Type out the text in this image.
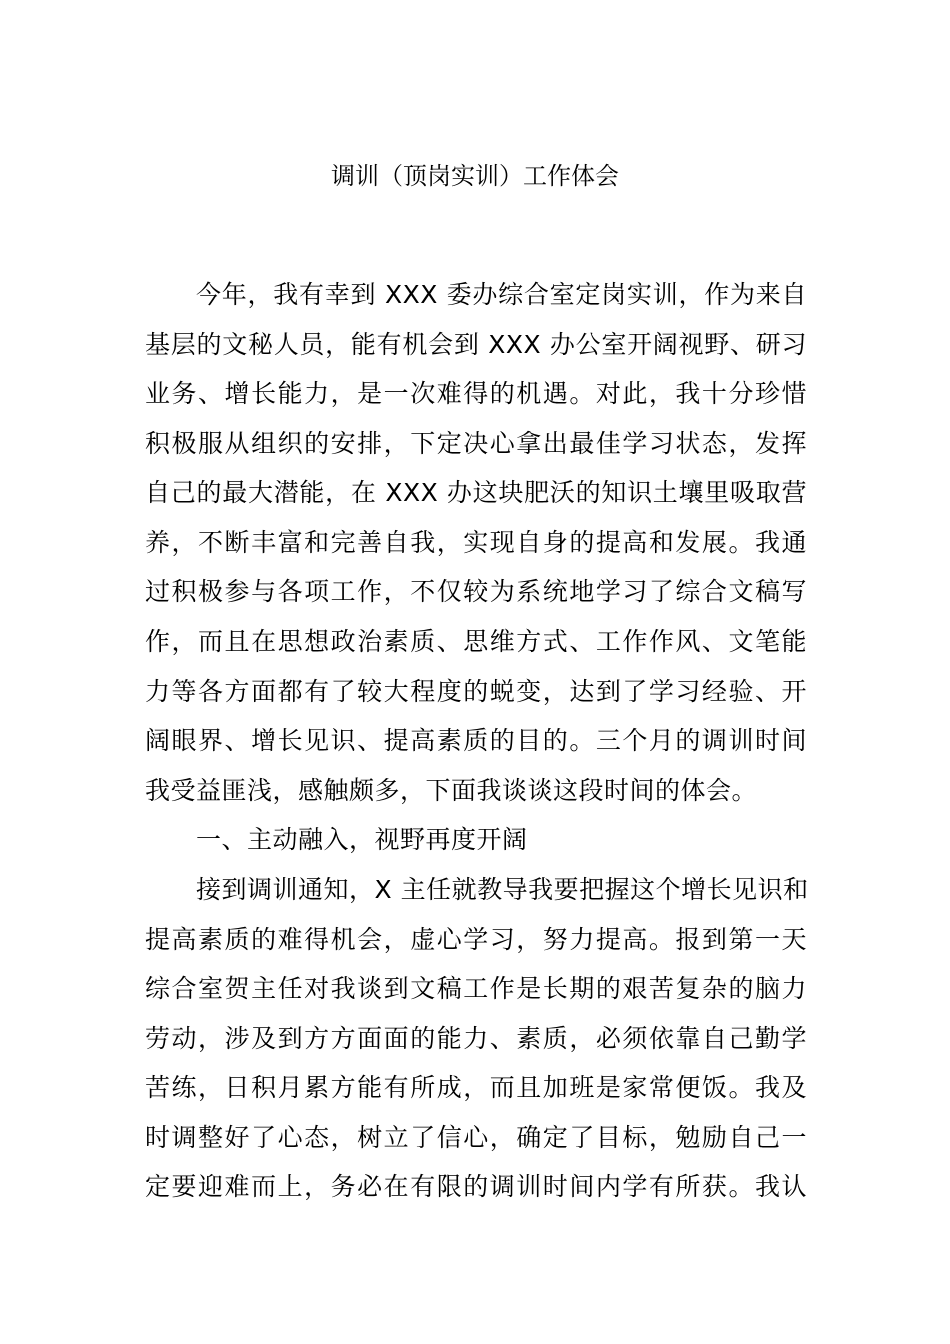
调训（顶岗实训）工作体会
今年，我有幸到 XXX 委办综合室定岗实训，作为来自
基层的文秘人员，能有机会到 XXX 办公室开阔视野、研习
业务、增长能力，是一次难得的机遇。对此，我十分珍惜
积极服从组织的安排，下定决心拿出最佳学习状态，发挥
自己的最大潜能，在 XXX 办这块肥沃的知识土壤里吸取营
养，不断丰富和完善自我，实现自身的提高和发展。我通
过积极参与各项工作，不仅较为系统地学习了综合文稿写
作，而且在思想政治素质、思维方式、工作作风、文笔能
力等各方面都有了较大程度的蜕变，达到了学习经验、开
阔眼界、增长见识、提高素质的目的。三个月的调训时间
我受益匪浅，感触颇多，下面我谈谈这段时间的体会。
一、主动融入，视野再度开阔
接到调训通知，X 主任就教导我要把握这个增长见识和
提高素质的难得机会，虚心学习，努力提高。报到第一天
综合室贺主任对我谈到文稿工作是长期的艰苦复杂的脑力
劳动，涉及到方方面面的能力、素质，必须依靠自己勤学
苦练，日积月累方能有所成，而且加班是家常便饭。我及
时调整好了心态，树立了信心，确定了目标，勉励自己一
定要迎难而上，务必在有限的调训时间内学有所获。我认
